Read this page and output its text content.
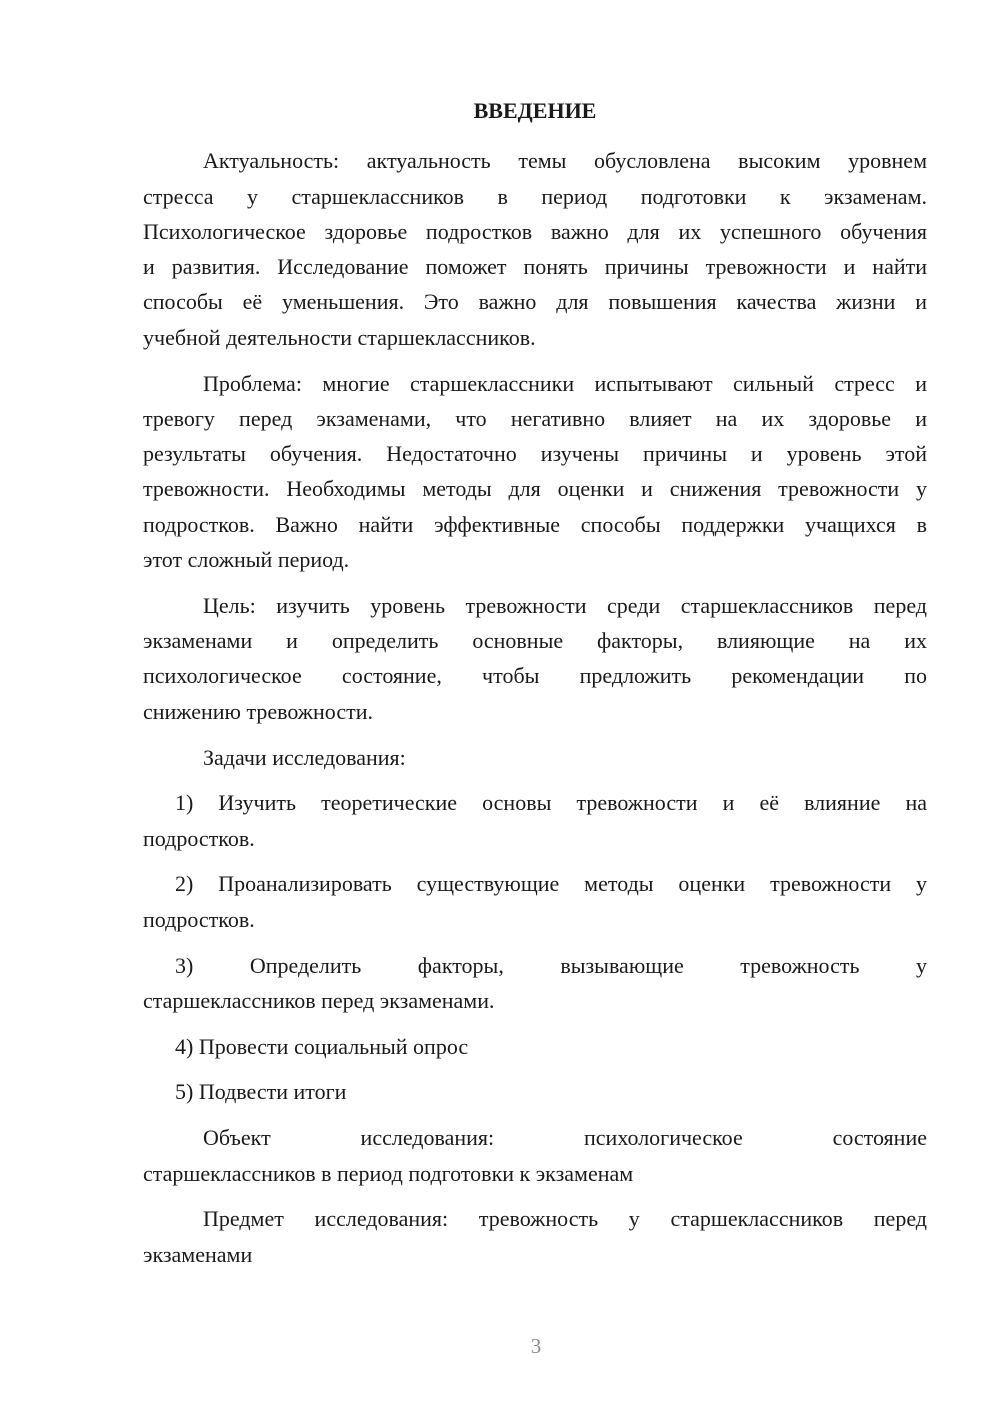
ВВЕДЕНИЕ
Актуальность: актуальность темы обусловлена высоким уровнем
стресса у старшеклассников в период подготовки к экзаменам.
Психологическое здоровье подростков важно для их успешного обучения
и развития. Исследование поможет понять причины тревожности и найти
способы её уменьшения. Это важно для повышения качества жизни и
учебной деятельности старшеклассников.
Проблема: многие старшеклассники испытывают сильный стресс и
тревогу перед экзаменами, что негативно влияет на их здоровье и
результаты обучения. Недостаточно изучены причины и уровень этой
тревожности. Необходимы методы для оценки и снижения тревожности у
подростков. Важно найти эффективные способы поддержки учащихся в
этот сложный период.
Цель: изучить уровень тревожности среди старшеклассников перед
экзаменами и определить основные факторы, влияющие на их
психологическое состояние, чтобы предложить рекомендации по
снижению тревожности.
Задачи исследования:
1) Изучить теоретические основы тревожности и её влияние на
подростков.
2) Проанализировать существующие методы оценки тревожности у
подростков.
3) Определить факторы, вызывающие тревожность у
старшеклассников перед экзаменами.
4) Провести социальный опрос
5) Подвести итоги
Объект исследования: психологическое состояние
старшеклассников в период подготовки к экзаменам
Предмет исследования: тревожность у старшеклассников перед
экзаменами
3
